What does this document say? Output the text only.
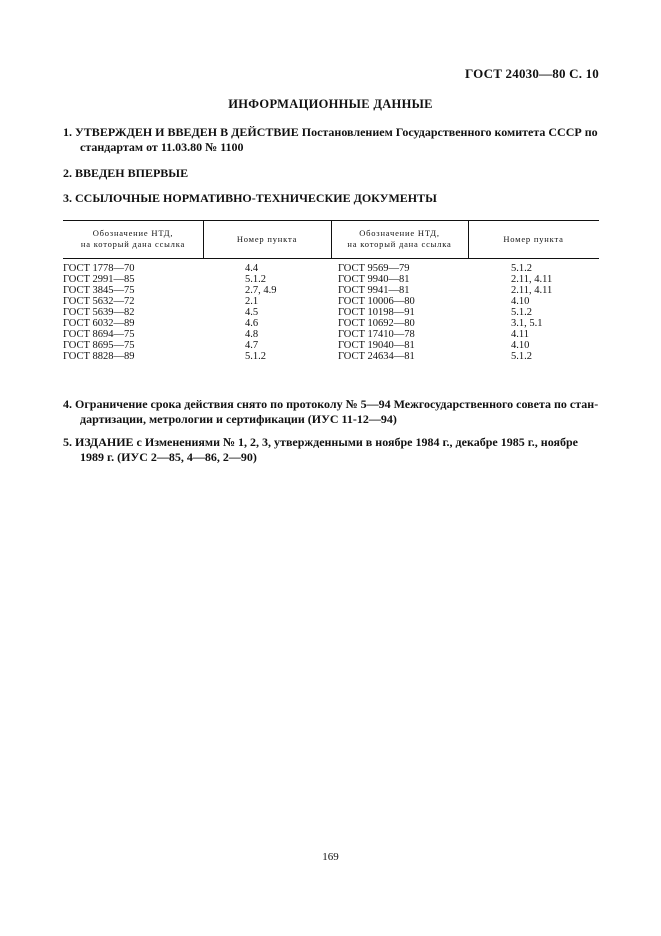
ГОСТ 24030—80 С. 10
ИНФОРМАЦИОННЫЕ ДАННЫЕ
1. УТВЕРЖДЕН И ВВЕДЕН В ДЕЙСТВИЕ Постановлением Государственного комитета СССР по
стандартам от 11.03.80 № 1100
2. ВВЕДЕН ВПЕРВЫЕ
3. ССЫЛОЧНЫЕ НОРМАТИВНО-ТЕХНИЧЕСКИЕ ДОКУМЕНТЫ
Обозначение НТД,
на который дана ссылка
Номер пункта
Обозначение НТД,
на который дана ссылка
Номер пункта
ГОСТ 1778—70
ГОСТ 2991—85
ГОСТ 3845—75
ГОСТ 5632—72
ГОСТ 5639—82
ГОСТ 6032—89
ГОСТ 8694—75
ГОСТ 8695—75
ГОСТ 8828—89
4.4
5.1.2
2.7, 4.9
2.1
4.5
4.6
4.8
4.7
5.1.2
ГОСТ 9569—79
ГОСТ 9940—81
ГОСТ 9941—81
ГОСТ 10006—80
ГОСТ 10198—91
ГОСТ 10692—80
ГОСТ 17410—78
ГОСТ 19040—81
ГОСТ 24634—81
5.1.2
2.11, 4.11
2.11, 4.11
4.10
5.1.2
3.1, 5.1
4.11
4.10
5.1.2
4. Ограничение срока действия снято по протоколу № 5—94 Межгосударственного совета по стан-
дартизации, метрологии и сертификации (ИУС 11-12—94)
5. ИЗДАНИЕ с Изменениями № 1, 2, 3, утвержденными в ноябре 1984 г., декабре 1985 г., ноябре
1989 г. (ИУС 2—85, 4—86, 2—90)
169
